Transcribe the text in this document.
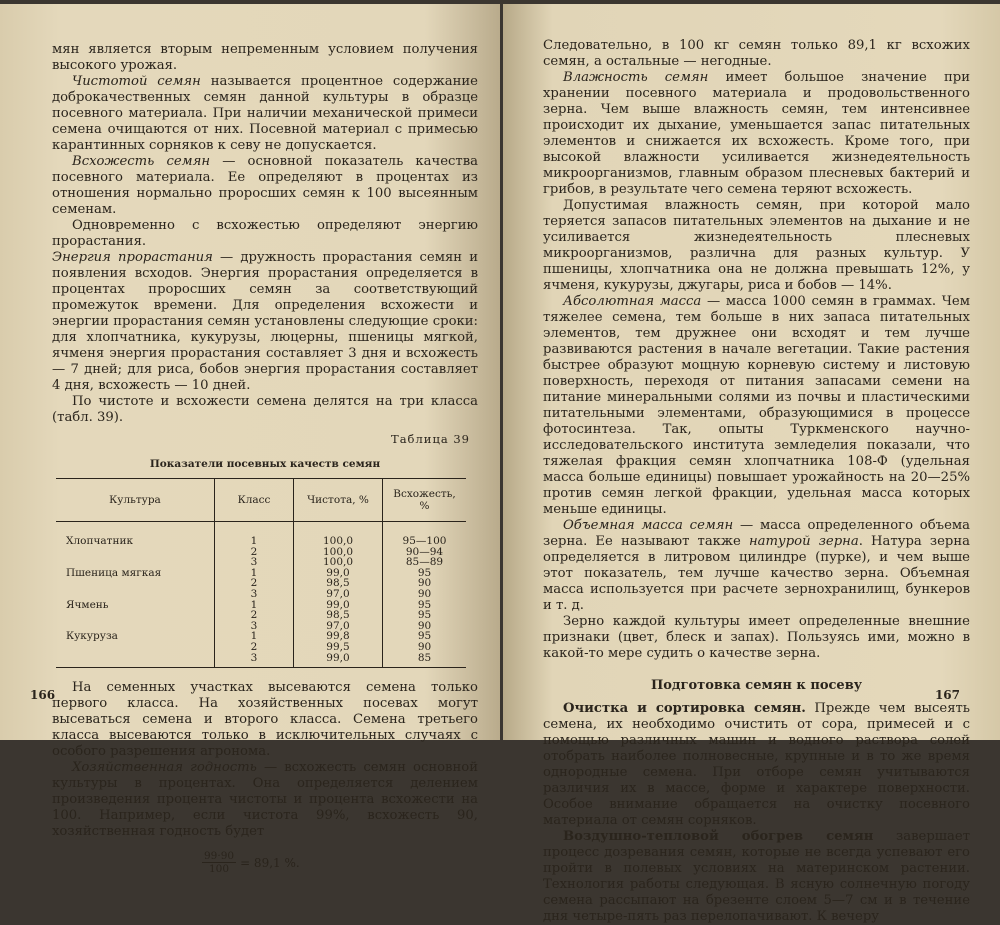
мян является вторым непременным условием получения высокого урожая.

Чистотой семян называется процентное содержание доброкачественных семян данной культуры в образце посевного материала. При наличии механической примеси семена очищаются от них. Посевной материал с примесью карантинных сорняков к севу не допускается.

Всхожесть семян — основной показатель качества посевного материала. Ее определяют в процентах из отношения нормально проросших семян к 100 высеянным семенам.

Одновременно с всхожестью определяют энергию прорастания.

Энергия прорастания — дружность прорастания семян и появления всходов. Энергия прорастания определяется в процентах проросших семян за соответствующий промежуток времени. Для определения всхожести и энергии прорастания семян установлены следующие сроки: для хлопчатника, кукурузы, люцерны, пшеницы мягкой, ячменя энергия прорастания составляет 3 дня и всхожесть — 7 дней; для риса, бобов энергия прорастания составляет 4 дня, всхожесть — 10 дней.

По чистоте и всхожести семена делятся на три класса (табл. 39).

Таблица 39
Показатели посевных качеств семян
Культура	Класс	Чистота, %	Всхожесть, %
Хлопчатник	1	100,0	95—100
	2	100,0	90—94
	3	100,0	85—89
Пшеница мягкая	1	99,0	95
	2	98,5	90
	3	97,0	90
Ячмень	1	99,0	95
	2	98,5	95
	3	97,0	90
Кукуруза	1	99,8	95
	2	99,5	90
	3	99,0	85

На семенных участках высеваются семена только первого класса. На хозяйственных посевах могут высеваться семена и второго класса. Семена третьего класса высеваются только в исключительных случаях с особого разрешения агронома.

Хозяйственная годность — всхожесть семян основной культуры в процентах. Она определяется делением произведения процента чистоты и процента всхожести на 100. Например, если чистота 99%, всхожесть 90, хозяйственная годность будет

$\frac{99\cdot 90}{100} = 89,1$ %.
166

Следовательно, в 100 кг семян только 89,1 кг всхожих семян, а остальные — негодные.

Влажность семян имеет большое значение при хранении посевного материала и продовольственного зерна. Чем выше влажность семян, тем интенсивнее происходит их дыхание, уменьшается запас питательных элементов и снижается их всхожесть. Кроме того, при высокой влажности усиливается жизнедеятельность микроорганизмов, главным образом плесневых бактерий и грибов, в результате чего семена теряют всхожесть.

Допустимая влажность семян, при которой мало теряется запасов питательных элементов на дыхание и не усиливается жизнедеятельность плесневых микроорганизмов, различна для разных культур. У пшеницы, хлопчатника она не должна превышать 12%, у ячменя, кукурузы, джугары, риса и бобов — 14%.

Абсолютная масса — масса 1000 семян в граммах. Чем тяжелее семена, тем больше в них запаса питательных элементов, тем дружнее они всходят и тем лучше развиваются растения в начале вегетации. Такие растения быстрее образуют мощную корневую систему и листовую поверхность, переходя от питания запасами семени на питание минеральными солями из почвы и пластическими питательными элементами, образующимися в процессе фотосинтеза. Так, опыты Туркменского научно-исследовательского института земледелия показали, что тяжелая фракция семян хлопчатника 108-Ф (удельная масса больше единицы) повышает урожайность на 20—25% против семян легкой фракции, удельная масса которых меньше единицы.

Объемная масса семян — масса определенного объема зерна. Ее называют также натурой зерна. Натура зерна определяется в литровом цилиндре (пурке), и чем выше этот показатель, тем лучше качество зерна. Объемная масса используется при расчете зернохранилищ, бункеров и т. д.

Зерно каждой культуры имеет определенные внешние признаки (цвет, блеск и запах). Пользуясь ими, можно в какой-то мере судить о качестве зерна.

Подготовка семян к посеву

Очистка и сортировка семян. Прежде чем высеять семена, их необходимо очистить от сора, примесей и с помощью различных машин и водного раствора солей отобрать наиболее полновесные, крупные и в то же время однородные семена. При отборе семян учитываются различия их в массе, форме и характере поверхности. Особое внимание обращается на очистку посевного материала от семян сорняков.

Воздушно-тепловой обогрев семян завершает процесс дозревания семян, которые не всегда успевают его пройти в полевых условиях на материнском растении. Технология работы следующая. В ясную солнечную погоду семена рассыпают на брезенте слоем 5—7 см и в течение дня четыре-пять раз перелопачивают. К вечеру

167
